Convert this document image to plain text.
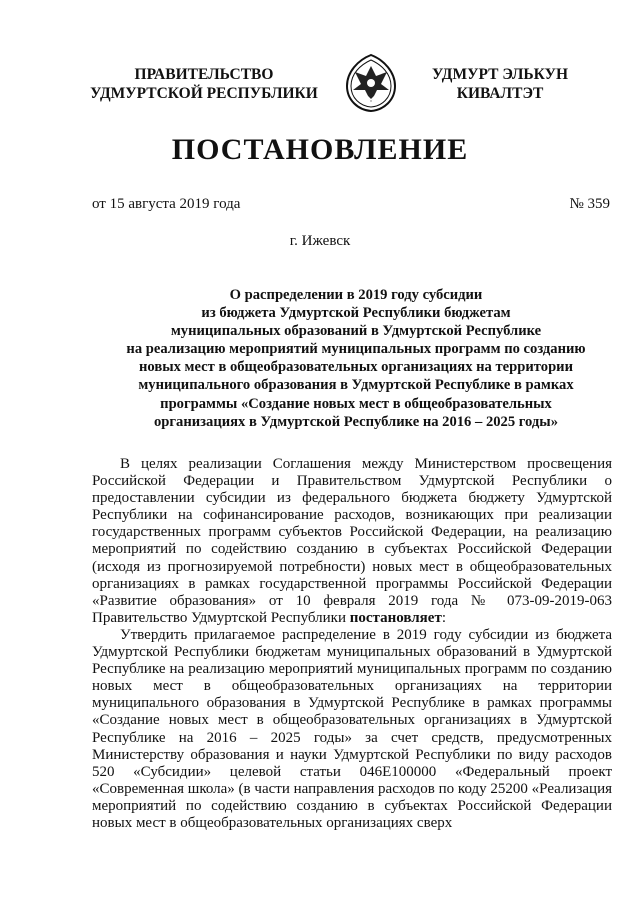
ПРАВИТЕЛЬСТВО
УДМУРТСКОЙ РЕСПУБЛИКИ
УДМУРТ ЭЛЬКУН
КИВАЛТЭТ
ПОСТАНОВЛЕНИЕ
от 15 августа 2019 года	№ 359
г. Ижевск
О распределении в 2019 году субсидии
из бюджета Удмуртской Республики бюджетам
муниципальных образований в Удмуртской Республике
на реализацию мероприятий муниципальных программ по созданию
новых мест в общеобразовательных организациях на территории
муниципального образования в Удмуртской Республике в рамках
программы «Создание новых мест в общеобразовательных
организациях в Удмуртской Республике на 2016 – 2025 годы»

В целях реализации Соглашения между Министерством просвещения Российской Федерации и Правительством Удмуртской Республики о предоставлении субсидии из федерального бюджета бюджету Удмуртской Республики на софинансирование расходов, возникающих при реализации государственных программ субъектов Российской Федерации, на реализацию мероприятий по содействию созданию в субъектах Российской Федерации (исходя из прогнозируемой потребности) новых мест в общеобразовательных организациях в рамках государственной программы Российской Федерации «Развитие образования» от 10 февраля 2019 года № 073-09-2019-063 Правительство Удмуртской Республики постановляет:

Утвердить прилагаемое распределение в 2019 году субсидии из бюджета Удмуртской Республики бюджетам муниципальных образований в Удмуртской Республике на реализацию мероприятий муниципальных программ по созданию новых мест в общеобразовательных организациях на территории муниципального образования в Удмуртской Республике в рамках программы «Создание новых мест в общеобразовательных организациях в Удмуртской Республике на 2016 – 2025 годы» за счет средств, предусмотренных Министерству образования и науки Удмуртской Республики по виду расходов 520 «Субсидии» целевой статьи 046E100000 «Федеральный проект «Современная школа» (в части направления расходов по коду 25200 «Реализация мероприятий по содействию созданию в субъектах Российской Федерации новых мест в общеобразовательных организациях сверх
